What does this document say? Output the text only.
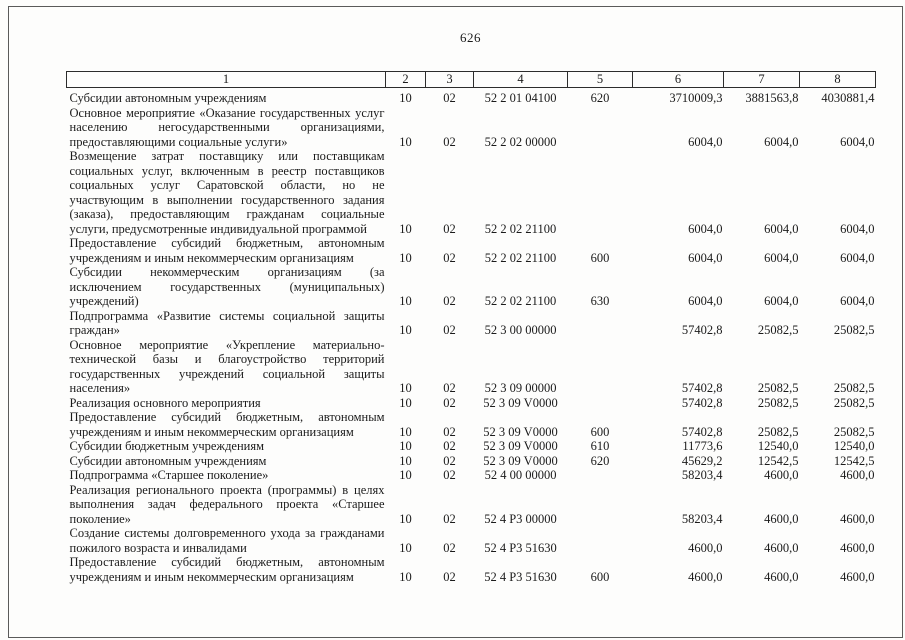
626
1	2	3	4	5	6	7	8
Субсидии автономным учреждениям	10	02	52 2 01 04100	620	3710009,3	3881563,8	4030881,4
Основное мероприятие «Оказание государственных услуг населению негосударственными организациями, предоставляющими социальные услуги»	10	02	52 2 02 00000		6004,0	6004,0	6004,0
Возмещение затрат поставщику или поставщикам социальных услуг, включенным в реестр поставщиков социальных услуг Саратовской области, но не участвующим в выполнении государственного задания (заказа), предоставляющим гражданам социальные услуги, предусмотренные индивидуальной программой	10	02	52 2 02 21100		6004,0	6004,0	6004,0
Предоставление субсидий бюджетным, автономным учреждениям и иным некоммерческим организациям	10	02	52 2 02 21100	600	6004,0	6004,0	6004,0
Субсидии некоммерческим организациям (за исключением государственных (муниципальных) учреждений)	10	02	52 2 02 21100	630	6004,0	6004,0	6004,0
Подпрограмма «Развитие системы социальной защиты граждан»	10	02	52 3 00 00000		57402,8	25082,5	25082,5
Основное мероприятие «Укрепление материально-технической базы и благоустройство территорий государственных учреждений социальной защиты населения»	10	02	52 3 09 00000		57402,8	25082,5	25082,5
Реализация основного мероприятия	10	02	52 3 09 V0000		57402,8	25082,5	25082,5
Предоставление субсидий бюджетным, автономным учреждениям и иным некоммерческим организациям	10	02	52 3 09 V0000	600	57402,8	25082,5	25082,5
Субсидии бюджетным учреждениям	10	02	52 3 09 V0000	610	11773,6	12540,0	12540,0
Субсидии автономным учреждениям	10	02	52 3 09 V0000	620	45629,2	12542,5	12542,5
Подпрограмма «Старшее поколение»	10	02	52 4 00 00000		58203,4	4600,0	4600,0
Реализация регионального проекта (программы) в целях выполнения задач федерального проекта «Старшее поколение»	10	02	52 4 Р3 00000		58203,4	4600,0	4600,0
Создание системы долговременного ухода за гражданами пожилого возраста и инвалидами	10	02	52 4 Р3 51630		4600,0	4600,0	4600,0
Предоставление субсидий бюджетным, автономным учреждениям и иным некоммерческим организациям	10	02	52 4 Р3 51630	600	4600,0	4600,0	4600,0
